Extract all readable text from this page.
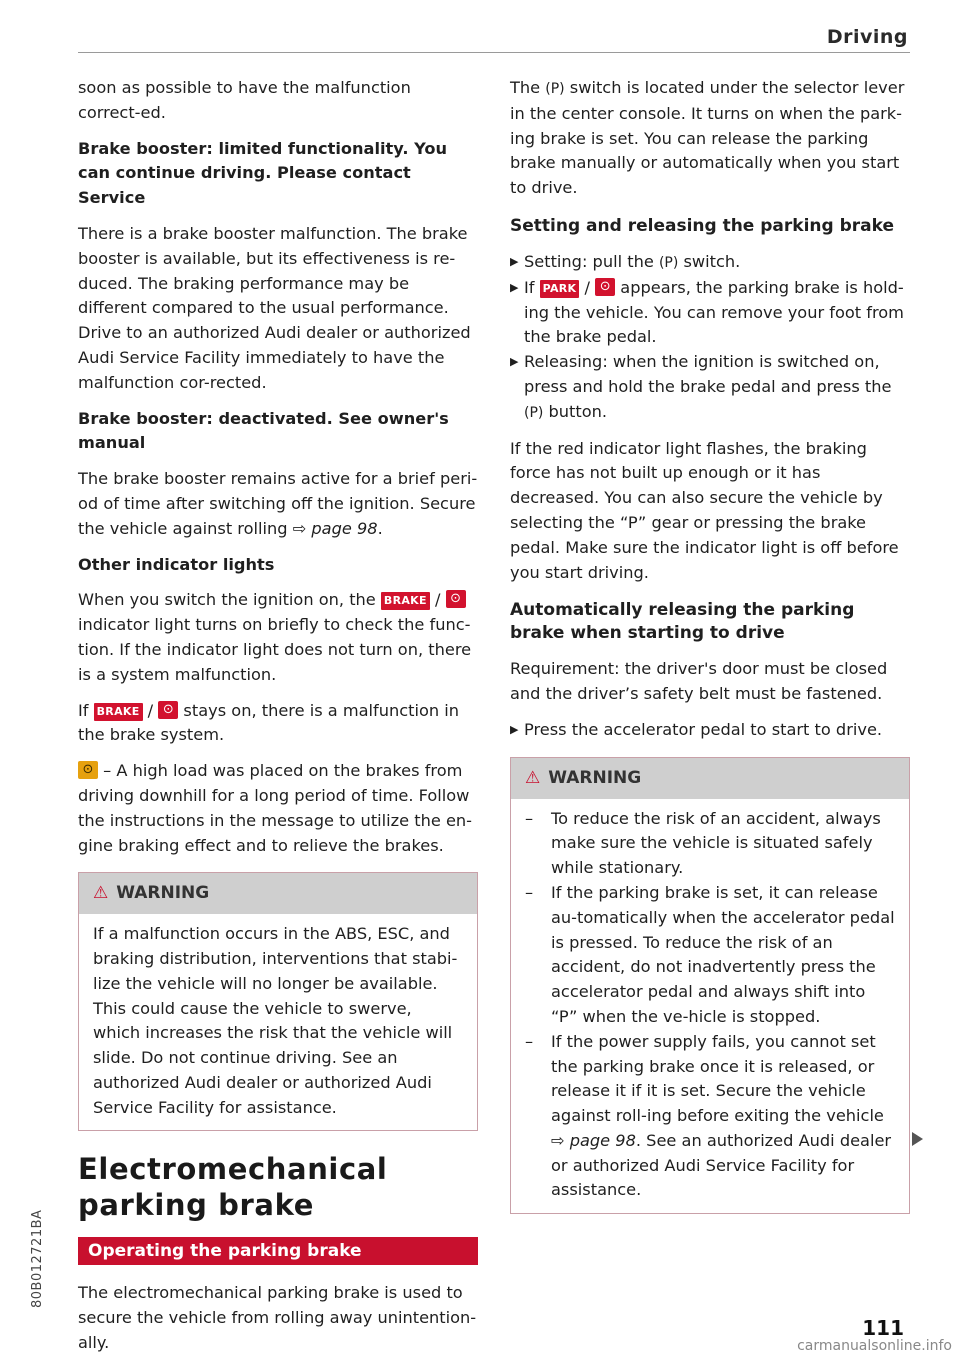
Driving

soon as possible to have the malfunction correct-ed.

Brake booster: limited functionality. You can continue driving. Please contact Service

There is a brake booster malfunction. The brake booster is available, but its effectiveness is re-duced. The braking performance may be different compared to the usual performance. Drive to an authorized Audi dealer or authorized Audi Service Facility immediately to have the malfunction cor-rected.

Brake booster: deactivated. See owner's manual

The brake booster remains active for a brief peri-od of time after switching off the ignition. Secure the vehicle against rolling ⇨ page 98.

Other indicator lights

When you switch the ignition on, the BRAKE / ⊙ indicator light turns on briefly to check the func-tion. If the indicator light does not turn on, there is a system malfunction.

If BRAKE / ⊙ stays on, there is a malfunction in the brake system.

⊙ – A high load was placed on the brakes from driving downhill for a long period of time. Follow the instructions in the message to utilize the en-gine braking effect and to relieve the brakes.

⚠ WARNING
If a malfunction occurs in the ABS, ESC, and braking distribution, interventions that stabi-lize the vehicle will no longer be available. This could cause the vehicle to swerve, which increases the risk that the vehicle will slide. Do not continue driving. See an authorized Audi dealer or authorized Audi Service Facility for assistance.
Electromechanical parking brake
Operating the parking brake

The electromechanical parking brake is used to secure the vehicle from rolling away unintention-ally.

The (P) switch is located under the selector lever in the center console. It turns on when the park-ing brake is set. You can release the parking brake manually or automatically when you start to drive.

Setting and releasing the parking brake
▶ Setting: pull the (P) switch.
▶ If PARK / ⊙ appears, the parking brake is hold-ing the vehicle. You can remove your foot from the brake pedal.
▶ Releasing: when the ignition is switched on, press and hold the brake pedal and press the (P) button.

If the red indicator light flashes, the braking force has not built up enough or it has decreased. You can also secure the vehicle by selecting the “P” gear or pressing the brake pedal. Make sure the indicator light is off before you start driving.

Automatically releasing the parking brake when starting to drive

Requirement: the driver's door must be closed and the driver’s safety belt must be fastened.

▶ Press the accelerator pedal to start to drive.
⚠ WARNING
– To reduce the risk of an accident, always make sure the vehicle is situated safely while stationary.
– If the parking brake is set, it can release au-tomatically when the accelerator pedal is pressed. To reduce the risk of an accident, do not inadvertently press the accelerator pedal and always shift into “P” when the ve-hicle is stopped.
– If the power supply fails, you cannot set the parking brake once it is released, or release it if it is set. Secure the vehicle against roll-ing before exiting the vehicle ⇨ page 98. See an authorized Audi dealer or authorized Audi Service Facility for assistance.
80B012721BA
111
carmanualsonline.info
